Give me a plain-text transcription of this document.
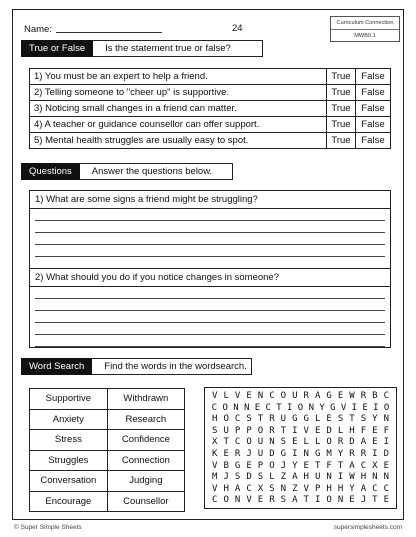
Name:	24	Curriculum Connection
MWB9.1
True or False	Is the statement true or false?
1) You must be an expert to help a friend.	True	False
2) Telling someone to "cheer up" is supportive.	True	False
3) Noticing small changes in a friend can matter.	True	False
4) A teacher or guidance counsellor can offer support.	True	False
5) Mental health struggles are usually easy to spot.	True	False
Questions	Answer the questions below.
1) What are some signs a friend might be struggling?
2) What should you do if you notice changes in someone?
Word Search	Find the words in the wordsearch.
Supportive	Withdrawn
Anxiety	Research
Stress	Confidence
Struggles	Connection
Conversation	Judging
Encourage	Counsellor
V L V E N C O U R A G E W R B C
C O N N E C T I O N Y G V I E I O
H O C S T R U G G L E S T S Y N
S U P P O R T I V E D L H F E F
X T C O U N S E L L O R D A E I
K E R J U D G I N G M Y R R I D
V B G E P O J Y E T F T A C X E
M J S D S L Z A H U N I W H N N
V H A C X S N Z V P H H Y A C C
C O N V E R S A T I O N E J T E
© Super Simple Sheets	supersimplesheets.com
